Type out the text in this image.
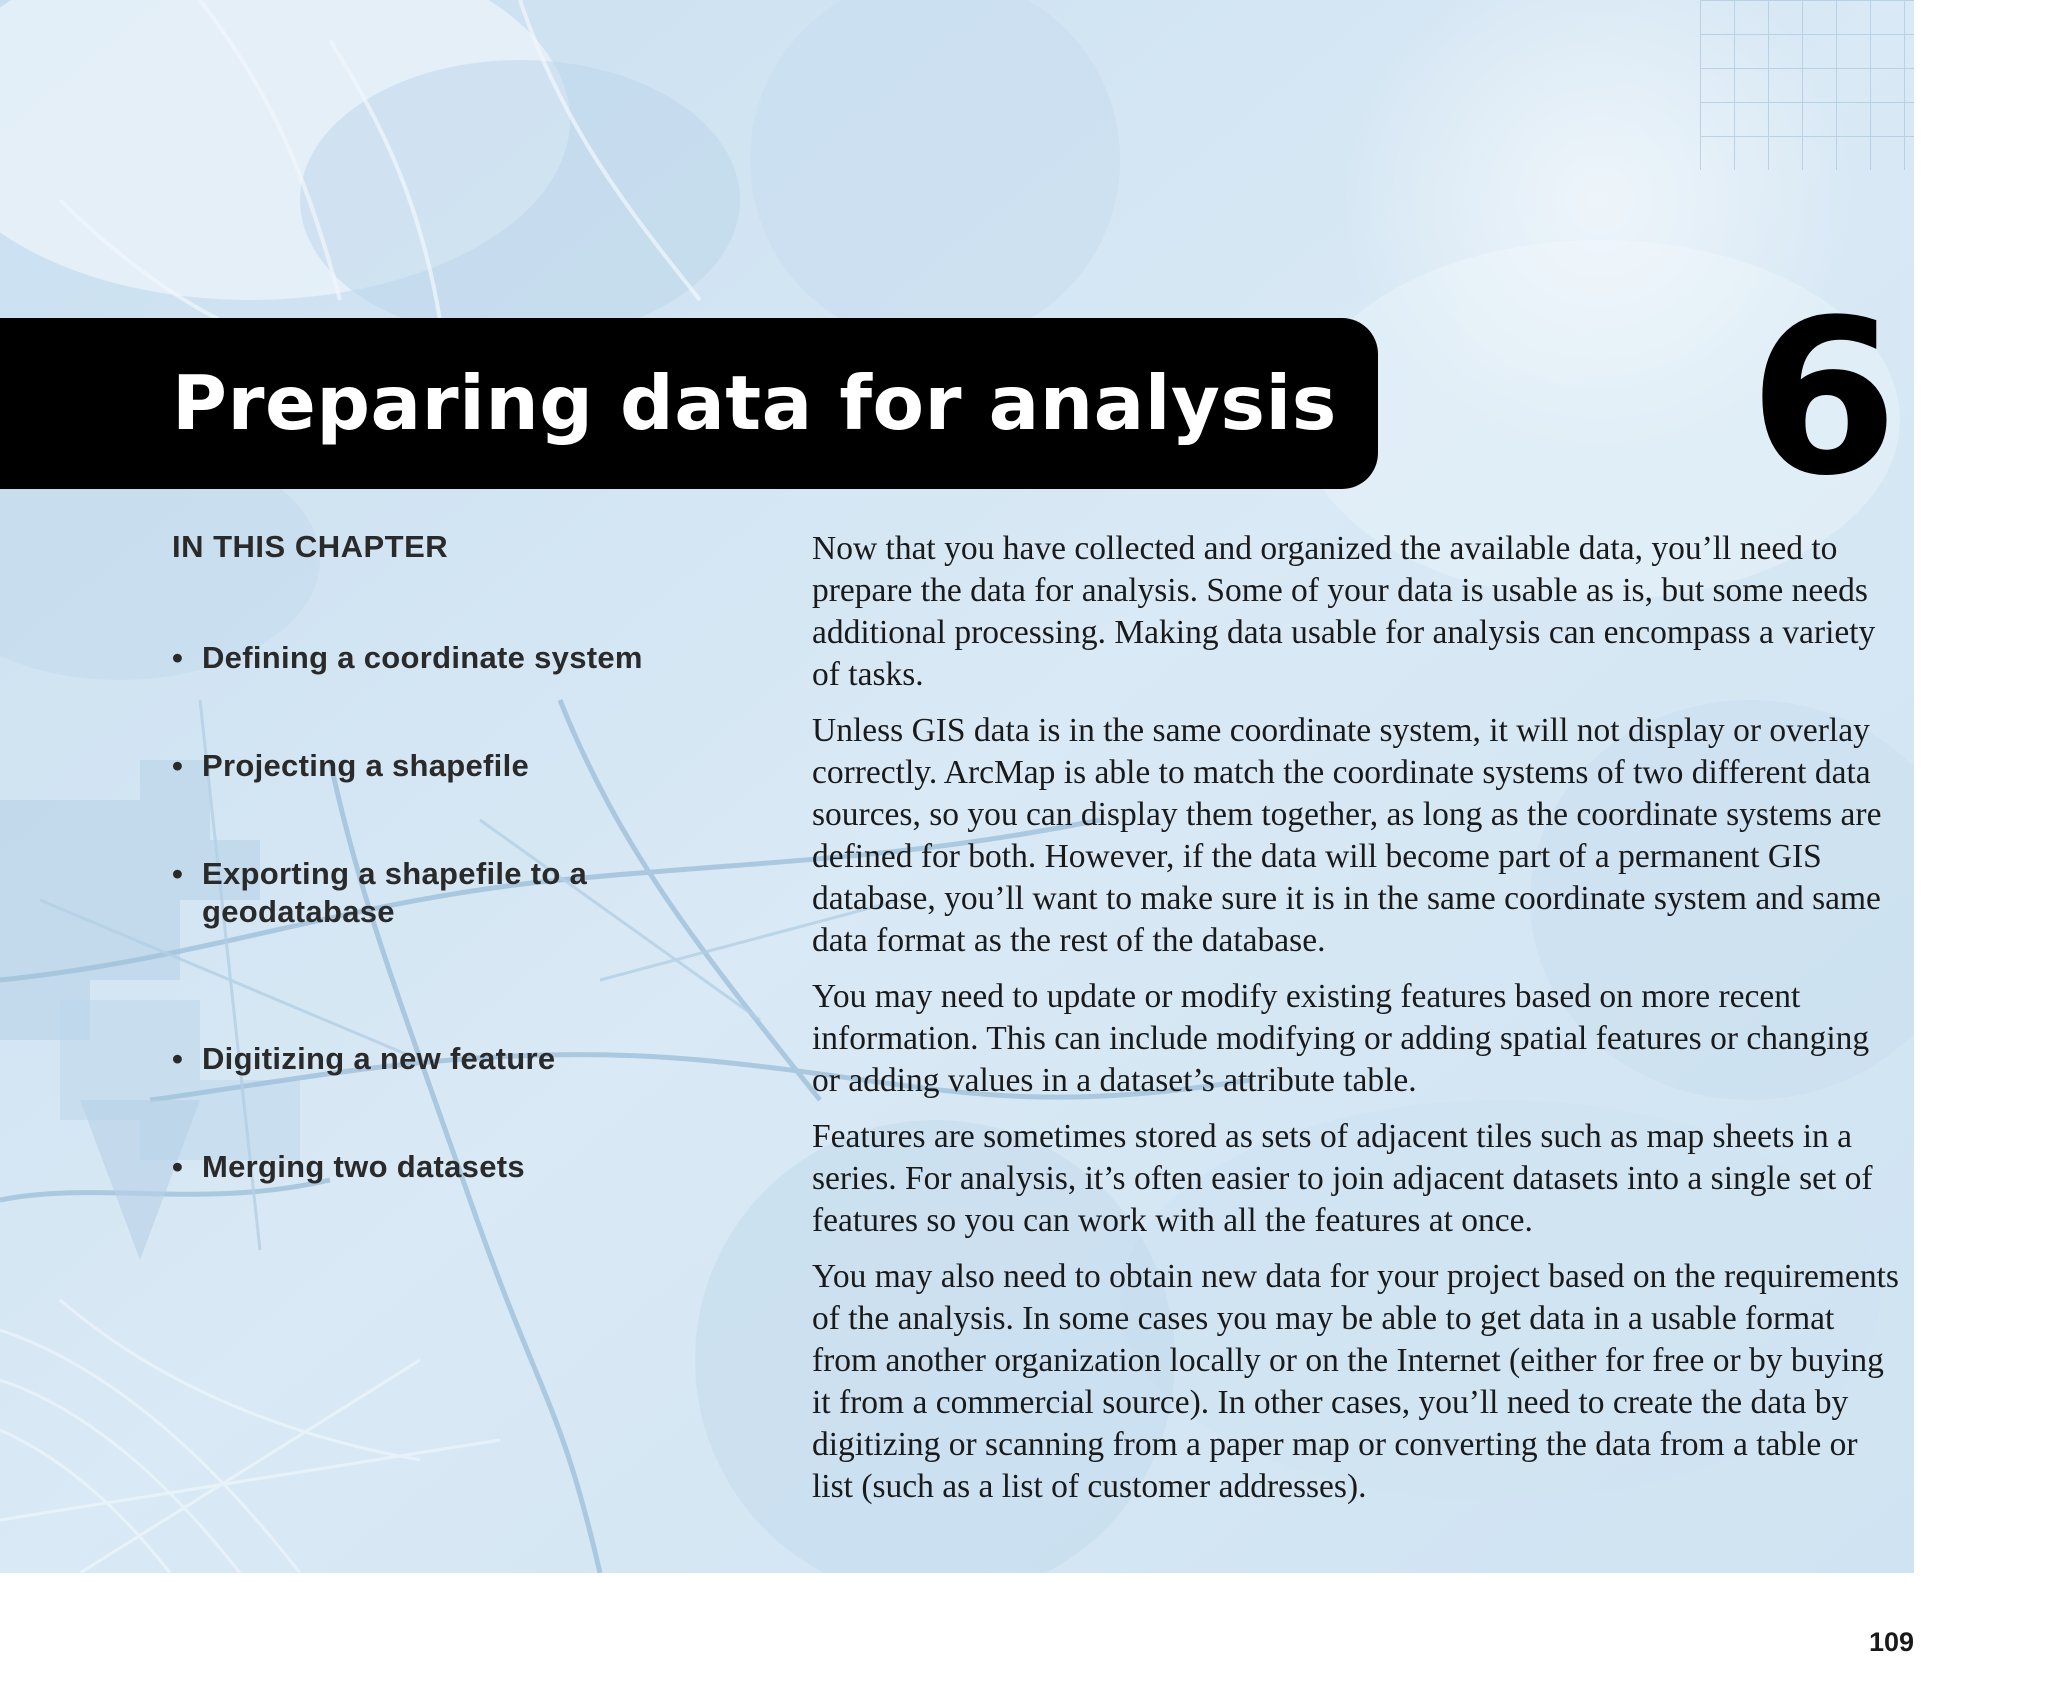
Preparing data for analysis 6
IN THIS CHAPTER
• Defining a coordinate system
• Projecting a shapefile
• Exporting a shapefile to a geodatabase
• Digitizing a new feature
• Merging two datasets

Now that you have collected and organized the available data, you’ll need to prepare the data for analysis. Some of your data is usable as is, but some needs additional processing. Making data usable for analysis can encompass a variety of tasks.

Unless GIS data is in the same coordinate system, it will not display or overlay correctly. ArcMap is able to match the coordinate systems of two different data sources, so you can display them together, as long as the coordinate systems are defined for both. However, if the data will become part of a permanent GIS database, you’ll want to make sure it is in the same coordinate system and same data format as the rest of the database.

You may need to update or modify existing features based on more recent information. This can include modifying or adding spatial features or changing or adding values in a dataset’s attribute table.

Features are sometimes stored as sets of adjacent tiles such as map sheets in a series. For analysis, it’s often easier to join adjacent datasets into a single set of features so you can work with all the features at once.

You may also need to obtain new data for your project based on the requirements of the analysis. In some cases you may be able to get data in a usable format from another organization locally or on the Internet (either for free or by buying it from a commercial source). In other cases, you’ll need to create the data by digitizing or scanning from a paper map or converting the data from a table or list (such as a list of customer addresses).

109
